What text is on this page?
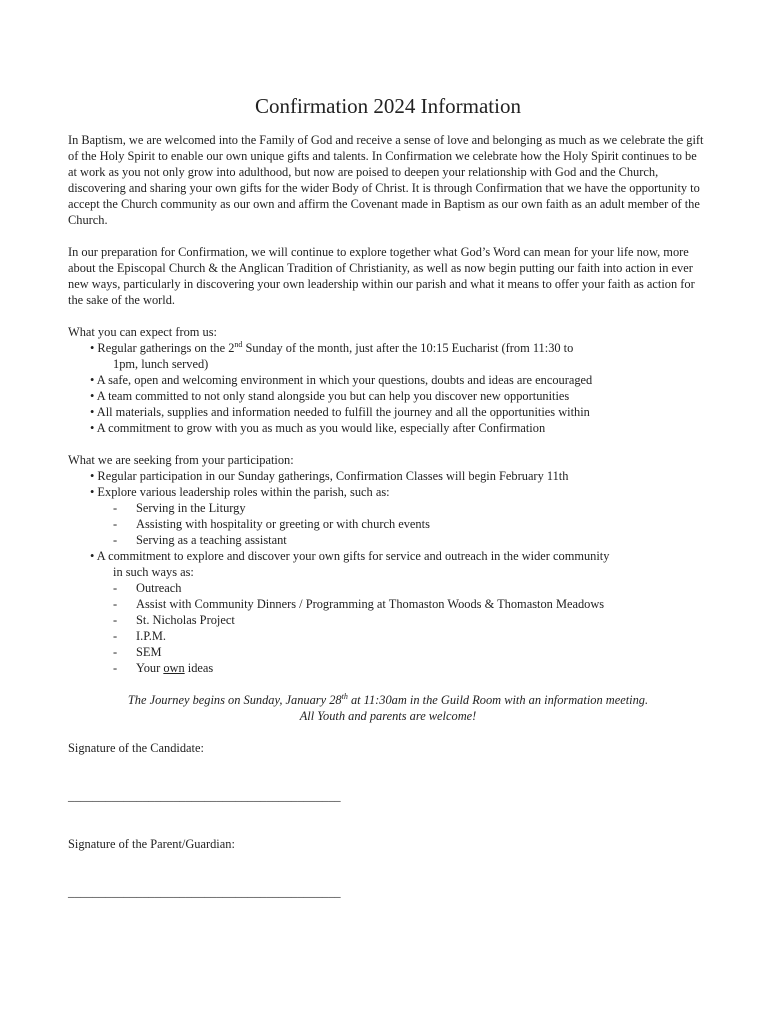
Confirmation 2024 Information

In Baptism, we are welcomed into the Family of God and receive a sense of love and belonging as much as we celebrate the gift of the Holy Spirit to enable our own unique gifts and talents. In Confirmation we celebrate how the Holy Spirit continues to be at work as you not only grow into adulthood, but now are poised to deepen your relationship with God and the Church, discovering and sharing your own gifts for the wider Body of Christ. It is through Confirmation that we have the opportunity to accept the Church community as our own and affirm the Covenant made in Baptism as our own faith as an adult member of the Church.

In our preparation for Confirmation, we will continue to explore together what God’s Word can mean for your life now, more about the Episcopal Church & the Anglican Tradition of Christianity, as well as now begin putting our faith into action in ever new ways, particularly in discovering your own leadership within our parish and what it means to offer your faith as action for the sake of the world.

What you can expect from us:
• Regular gatherings on the 2nd Sunday of the month, just after the 10:15 Eucharist (from 11:30 to
1pm, lunch served)
• A safe, open and welcoming environment in which your questions, doubts and ideas are encouraged
• A team committed to not only stand alongside you but can help you discover new opportunities
• All materials, supplies and information needed to fulfill the journey and all the opportunities within
• A commitment to grow with you as much as you would like, especially after Confirmation
What we are seeking from your participation:
• Regular participation in our Sunday gatherings, Confirmation Classes will begin February 11th
• Explore various leadership roles within the parish, such as:
- Serving in the Liturgy
- Assisting with hospitality or greeting or with church events
- Serving as a teaching assistant
• A commitment to explore and discover your own gifts for service and outreach in the wider community
in such ways as:
- Outreach
- Assist with Community Dinners / Programming at Thomaston Woods & Thomaston Meadows
- St. Nicholas Project
- I.P.M.
- SEM
- Your own ideas
The Journey begins on Sunday, January 28th at 11:30am in the Guild Room with an information meeting.
All Youth and parents are welcome!
Signature of the Candidate:
____________________________________________
Signature of the Parent/Guardian:
____________________________________________
